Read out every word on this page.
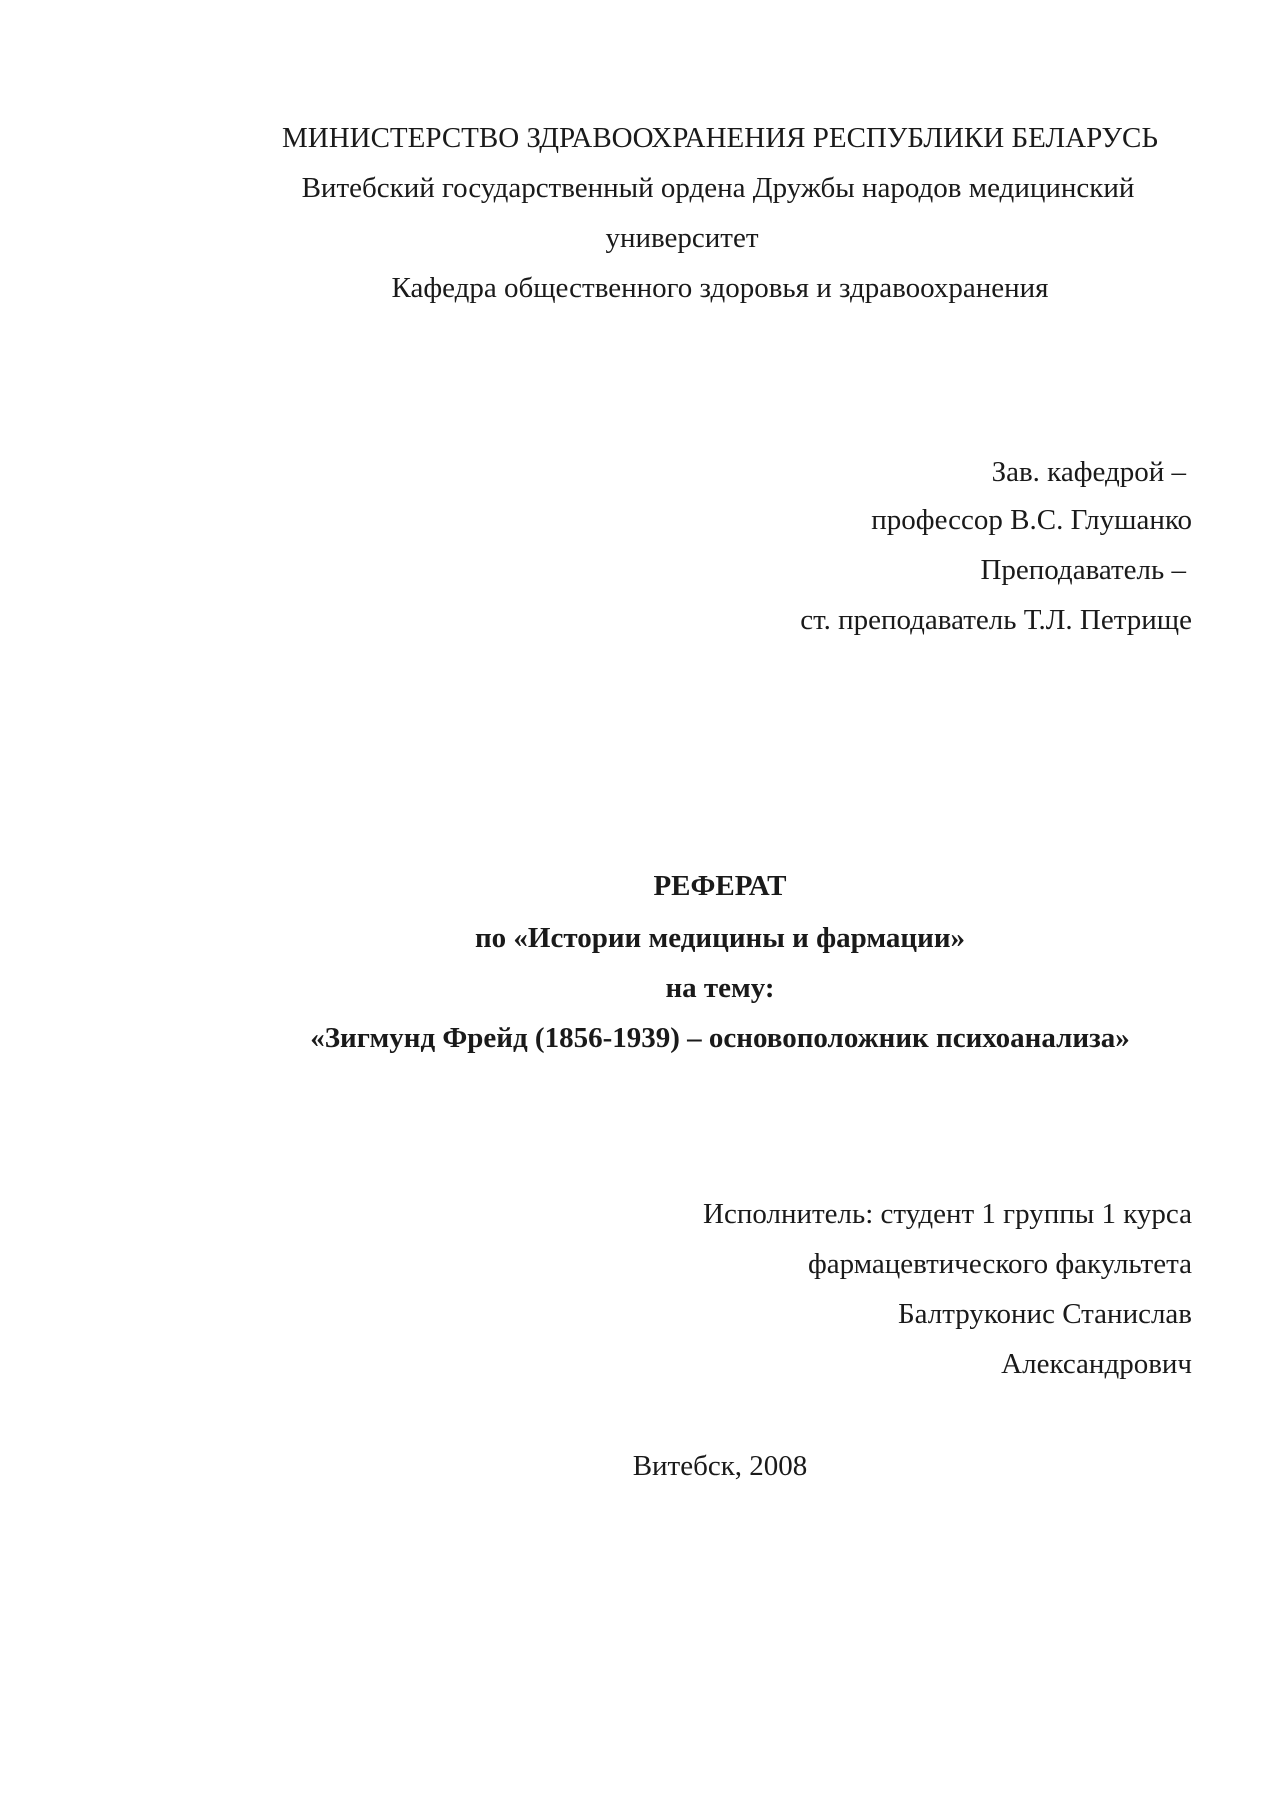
МИНИСТЕРСТВО ЗДРАВООХРАНЕНИЯ РЕСПУБЛИКИ БЕЛАРУСЬ
Витебский государственный ордена Дружбы народов медицинский
университет
Кафедра общественного здоровья и здравоохранения
Зав. кафедрой –
профессор В.С. Глушанко
Преподаватель –
ст. преподаватель Т.Л. Петрище
РЕФЕРАТ
по «Истории медицины и фармации»
на тему:
«Зигмунд Фрейд (1856-1939) – основоположник психоанализа»
Исполнитель: студент 1 группы 1 курса
фармацевтического факультета
Балтруконис Станислав
Александрович
Витебск, 2008
